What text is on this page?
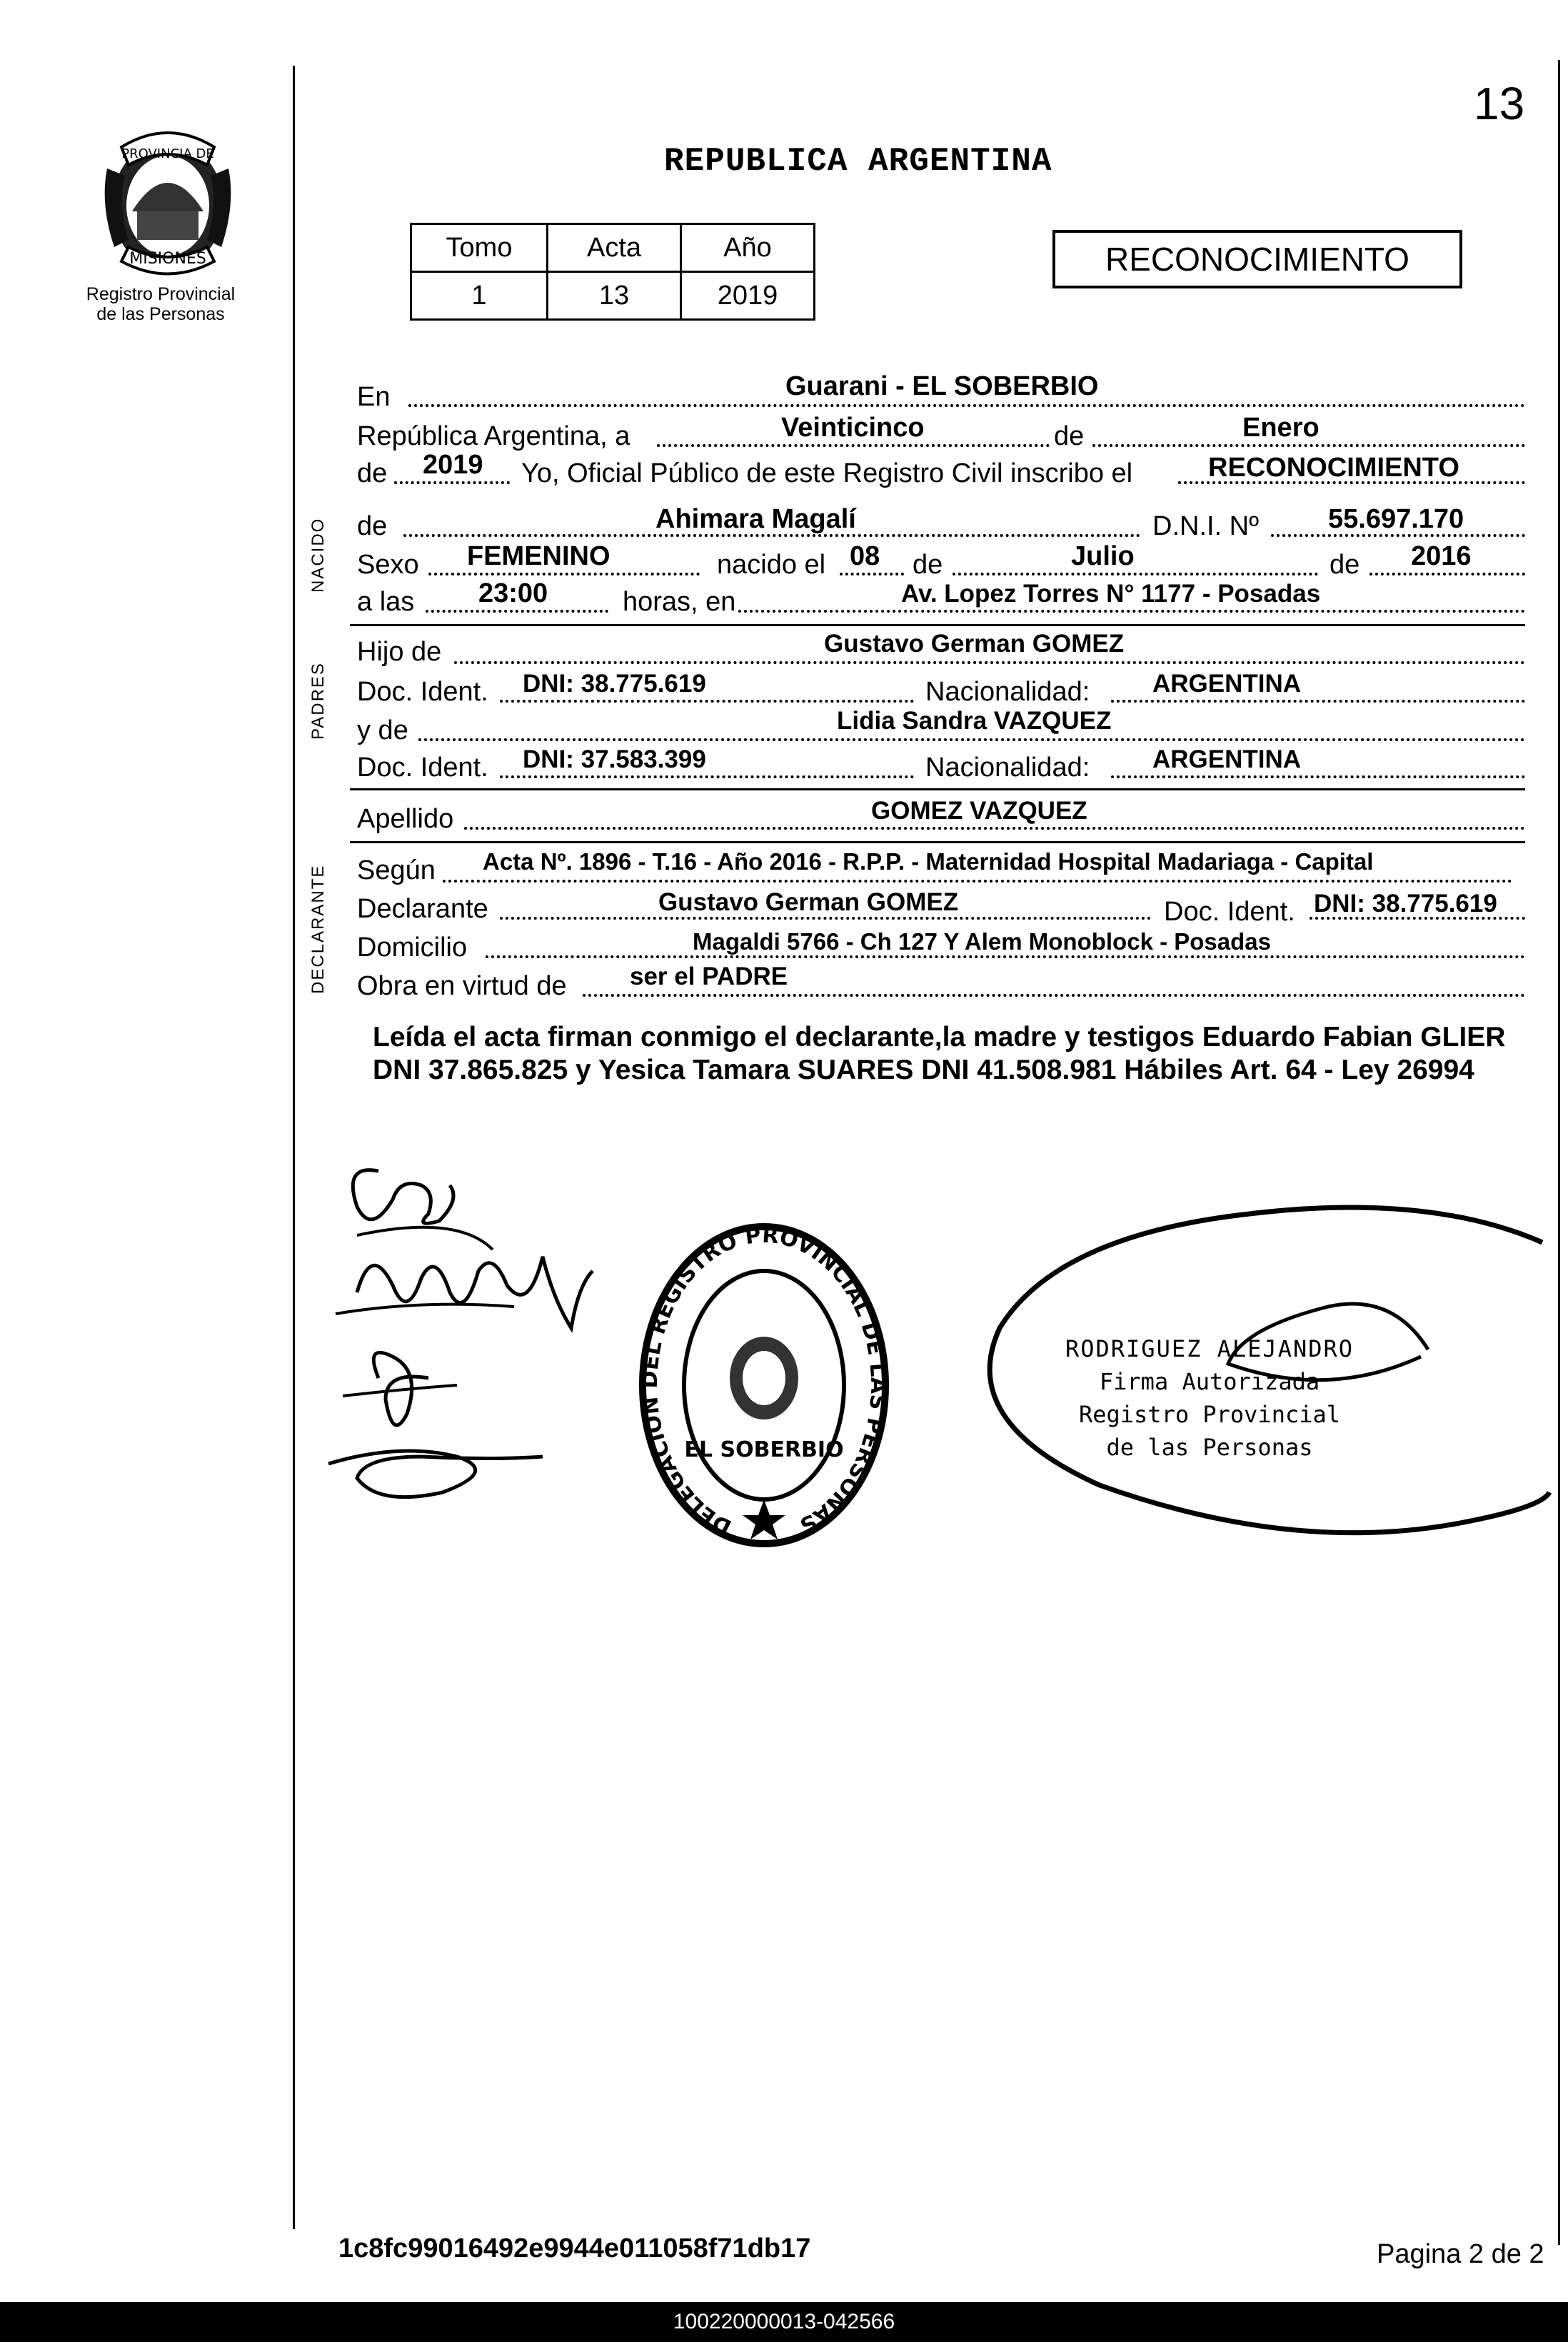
13
PROVINCIA DE
MISIONES
Registro Provincial
de las Personas
REPUBLICA ARGENTINA
Tomo	Acta	Año
1	13	2019
RECONOCIMIENTO
NACIDO
PADRES
DECLARANTE
En	Guarani - EL SOBERBIO
República Argentina, a	Veinticinco	de	Enero
de 2019 Yo, Oficial Público de este Registro Civil inscribo el	RECONOCIMIENTO
de	Ahimara Magalí	D.N.I. Nº	55.697.170
Sexo FEMENINO	nacido el 08 de	Julio	de 2016
a las 23:00	horas, en	Av. Lopez Torres N° 1177 - Posadas
Hijo de	Gustavo German GOMEZ
Doc. Ident. DNI: 38.775.619	Nacionalidad:	ARGENTINA
y de	Lidia Sandra VAZQUEZ
Doc. Ident. DNI: 37.583.399	Nacionalidad:	ARGENTINA
Apellido	GOMEZ VAZQUEZ
Según Acta Nº. 1896 - T.16 - Año 2016 - R.P.P. - Maternidad Hospital Madariaga - Capital
Declarante	Gustavo German GOMEZ	Doc. Ident. DNI: 38.775.619
Domicilio	Magaldi 5766 - Ch 127 Y Alem Monoblock - Posadas
Obra en virtud de	ser el PADRE
Leída el acta firman conmigo el declarante,la madre y testigos Eduardo Fabian GLIER DNI 37.865.825 y Yesica Tamara SUARES DNI 41.508.981 Hábiles Art. 64 - Ley 26994
DELEGACION DEL REGISTRO PROVINCIAL DE LAS PERSONAS
EL SOBERBIO
RODRIGUEZ ALEJANDRO
Firma Autorizada
Registro Provincial
de las Personas
1c8fc99016492e9944e011058f71db17	Pagina 2 de 2
100220000013-042566
